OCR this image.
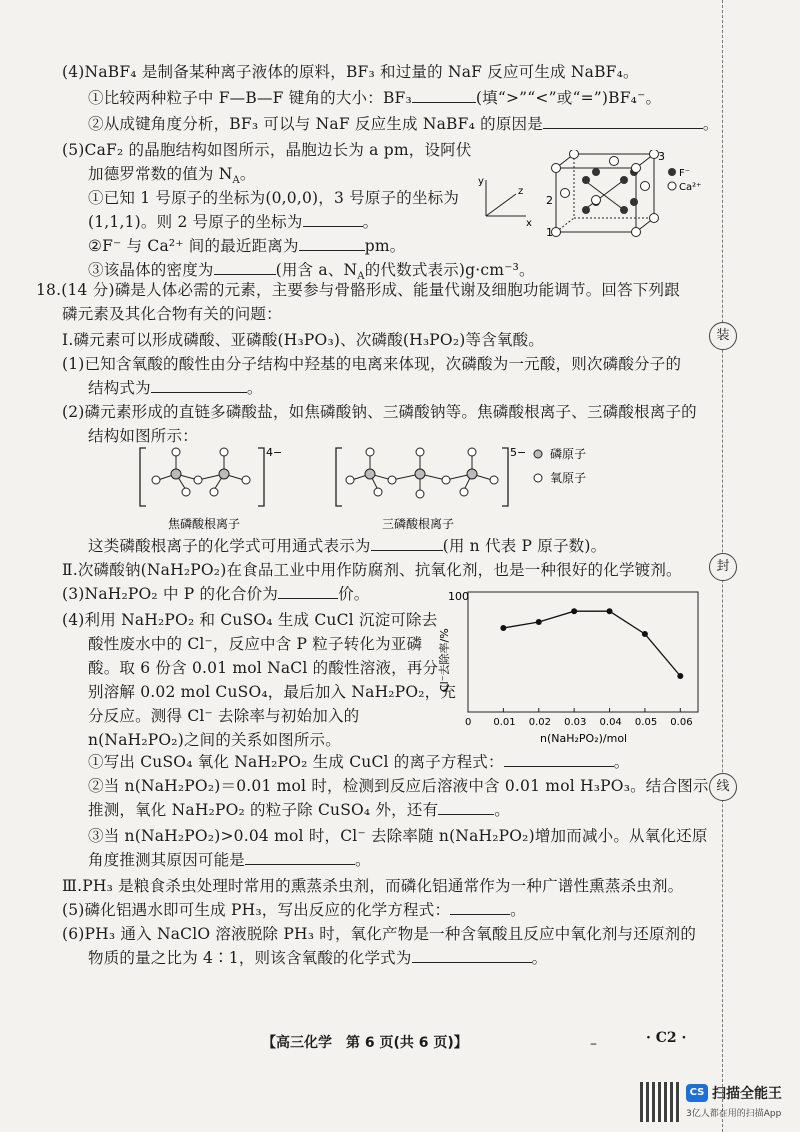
装
封
线
(4)NaBF₄ 是制备某种离子液体的原料，BF₃ 和过量的 NaF 反应可生成 NaBF₄。
①比较两种粒子中 F—B—F 键角的大小：BF₃	(填“>”“<”或“=”)BF₄⁻。
②从成键角度分析，BF₃ 可以与 NaF 反应生成 NaBF₄ 的原因是	。
(5)CaF₂ 的晶胞结构如图所示，晶胞边长为 a pm，设阿伏
加德罗常数的值为 $N_A$。
①已知 1 号原子的坐标为(0,0,0)，3 号原子的坐标为
(1,1,1)。则 2 号原子的坐标为	。
②F⁻ 与 Ca²⁺ 间的最近距离为	pm。
③该晶体的密度为	(用含 a、$N_A$的代数式表示)g·cm⁻³。
y
x
z
1
2
3
F⁻
Ca²⁺
18.(14 分)磷是人体必需的元素，主要参与骨骼形成、能量代谢及细胞功能调节。回答下列跟
磷元素及其化合物有关的问题：
Ⅰ.磷元素可以形成磷酸、亚磷酸(H₃PO₃)、次磷酸(H₃PO₂)等含氧酸。
(1)已知含氧酸的酸性由分子结构中羟基的电离来体现，次磷酸为一元酸，则次磷酸分子的
结构式为	。
(2)磷元素形成的直链多磷酸盐，如焦磷酸钠、三磷酸钠等。焦磷酸根离子、三磷酸根离子的
结构如图所示：
4−	5−
焦磷酸根离子	三磷酸根离子
磷原子
氧原子
这类磷酸根离子的化学式可用通式表示为	(用 n 代表 P 原子数)。
Ⅱ.次磷酸钠(NaH₂PO₂)在食品工业中用作防腐剂、抗氧化剂，也是一种很好的化学镀剂。
(3)NaH₂PO₂ 中 P 的化合价为	价。
(4)利用 NaH₂PO₂ 和 CuSO₄ 生成 CuCl 沉淀可除去
酸性废水中的 Cl⁻，反应中含 P 粒子转化为亚磷
酸。取 6 份含 0.01 mol NaCl 的酸性溶液，再分
别溶解 0.02 mol CuSO₄，最后加入 NaH₂PO₂，充
分反应。测得 Cl⁻ 去除率与初始加入的
n(NaH₂PO₂)之间的关系如图所示。
100
Cl⁻去除率/%
n(NaH₂PO₂)/mol
0 0.01 0.02 0.03 0.04 0.05 0.06
①写出 CuSO₄ 氧化 NaH₂PO₂ 生成 CuCl 的离子方程式：	。
②当 n(NaH₂PO₂)＝0.01 mol 时，检测到反应后溶液中含 0.01 mol H₃PO₃。结合图示
推测，氧化 NaH₂PO₂ 的粒子除 CuSO₄ 外，还有	。
③当 n(NaH₂PO₂)>0.04 mol 时，Cl⁻ 去除率随 n(NaH₂PO₂)增加而减小。从氧化还原
角度推测其原因可能是	。
Ⅲ.PH₃ 是粮食杀虫处理时常用的熏蒸杀虫剂，而磷化铝通常作为一种广谱性熏蒸杀虫剂。
(5)磷化铝遇水即可生成 PH₃，写出反应的化学方程式：	。
(6)PH₃ 通入 NaClO 溶液脱除 PH₃ 时，氧化产物是一种含氧酸且反应中氧化剂与还原剂的
物质的量之比为 4∶1，则该含氧酸的化学式为	。
【高三化学　第 6 页(共 6 页)】	–	· C2 ·
CS 扫描全能王
3亿人都在用的扫描App
